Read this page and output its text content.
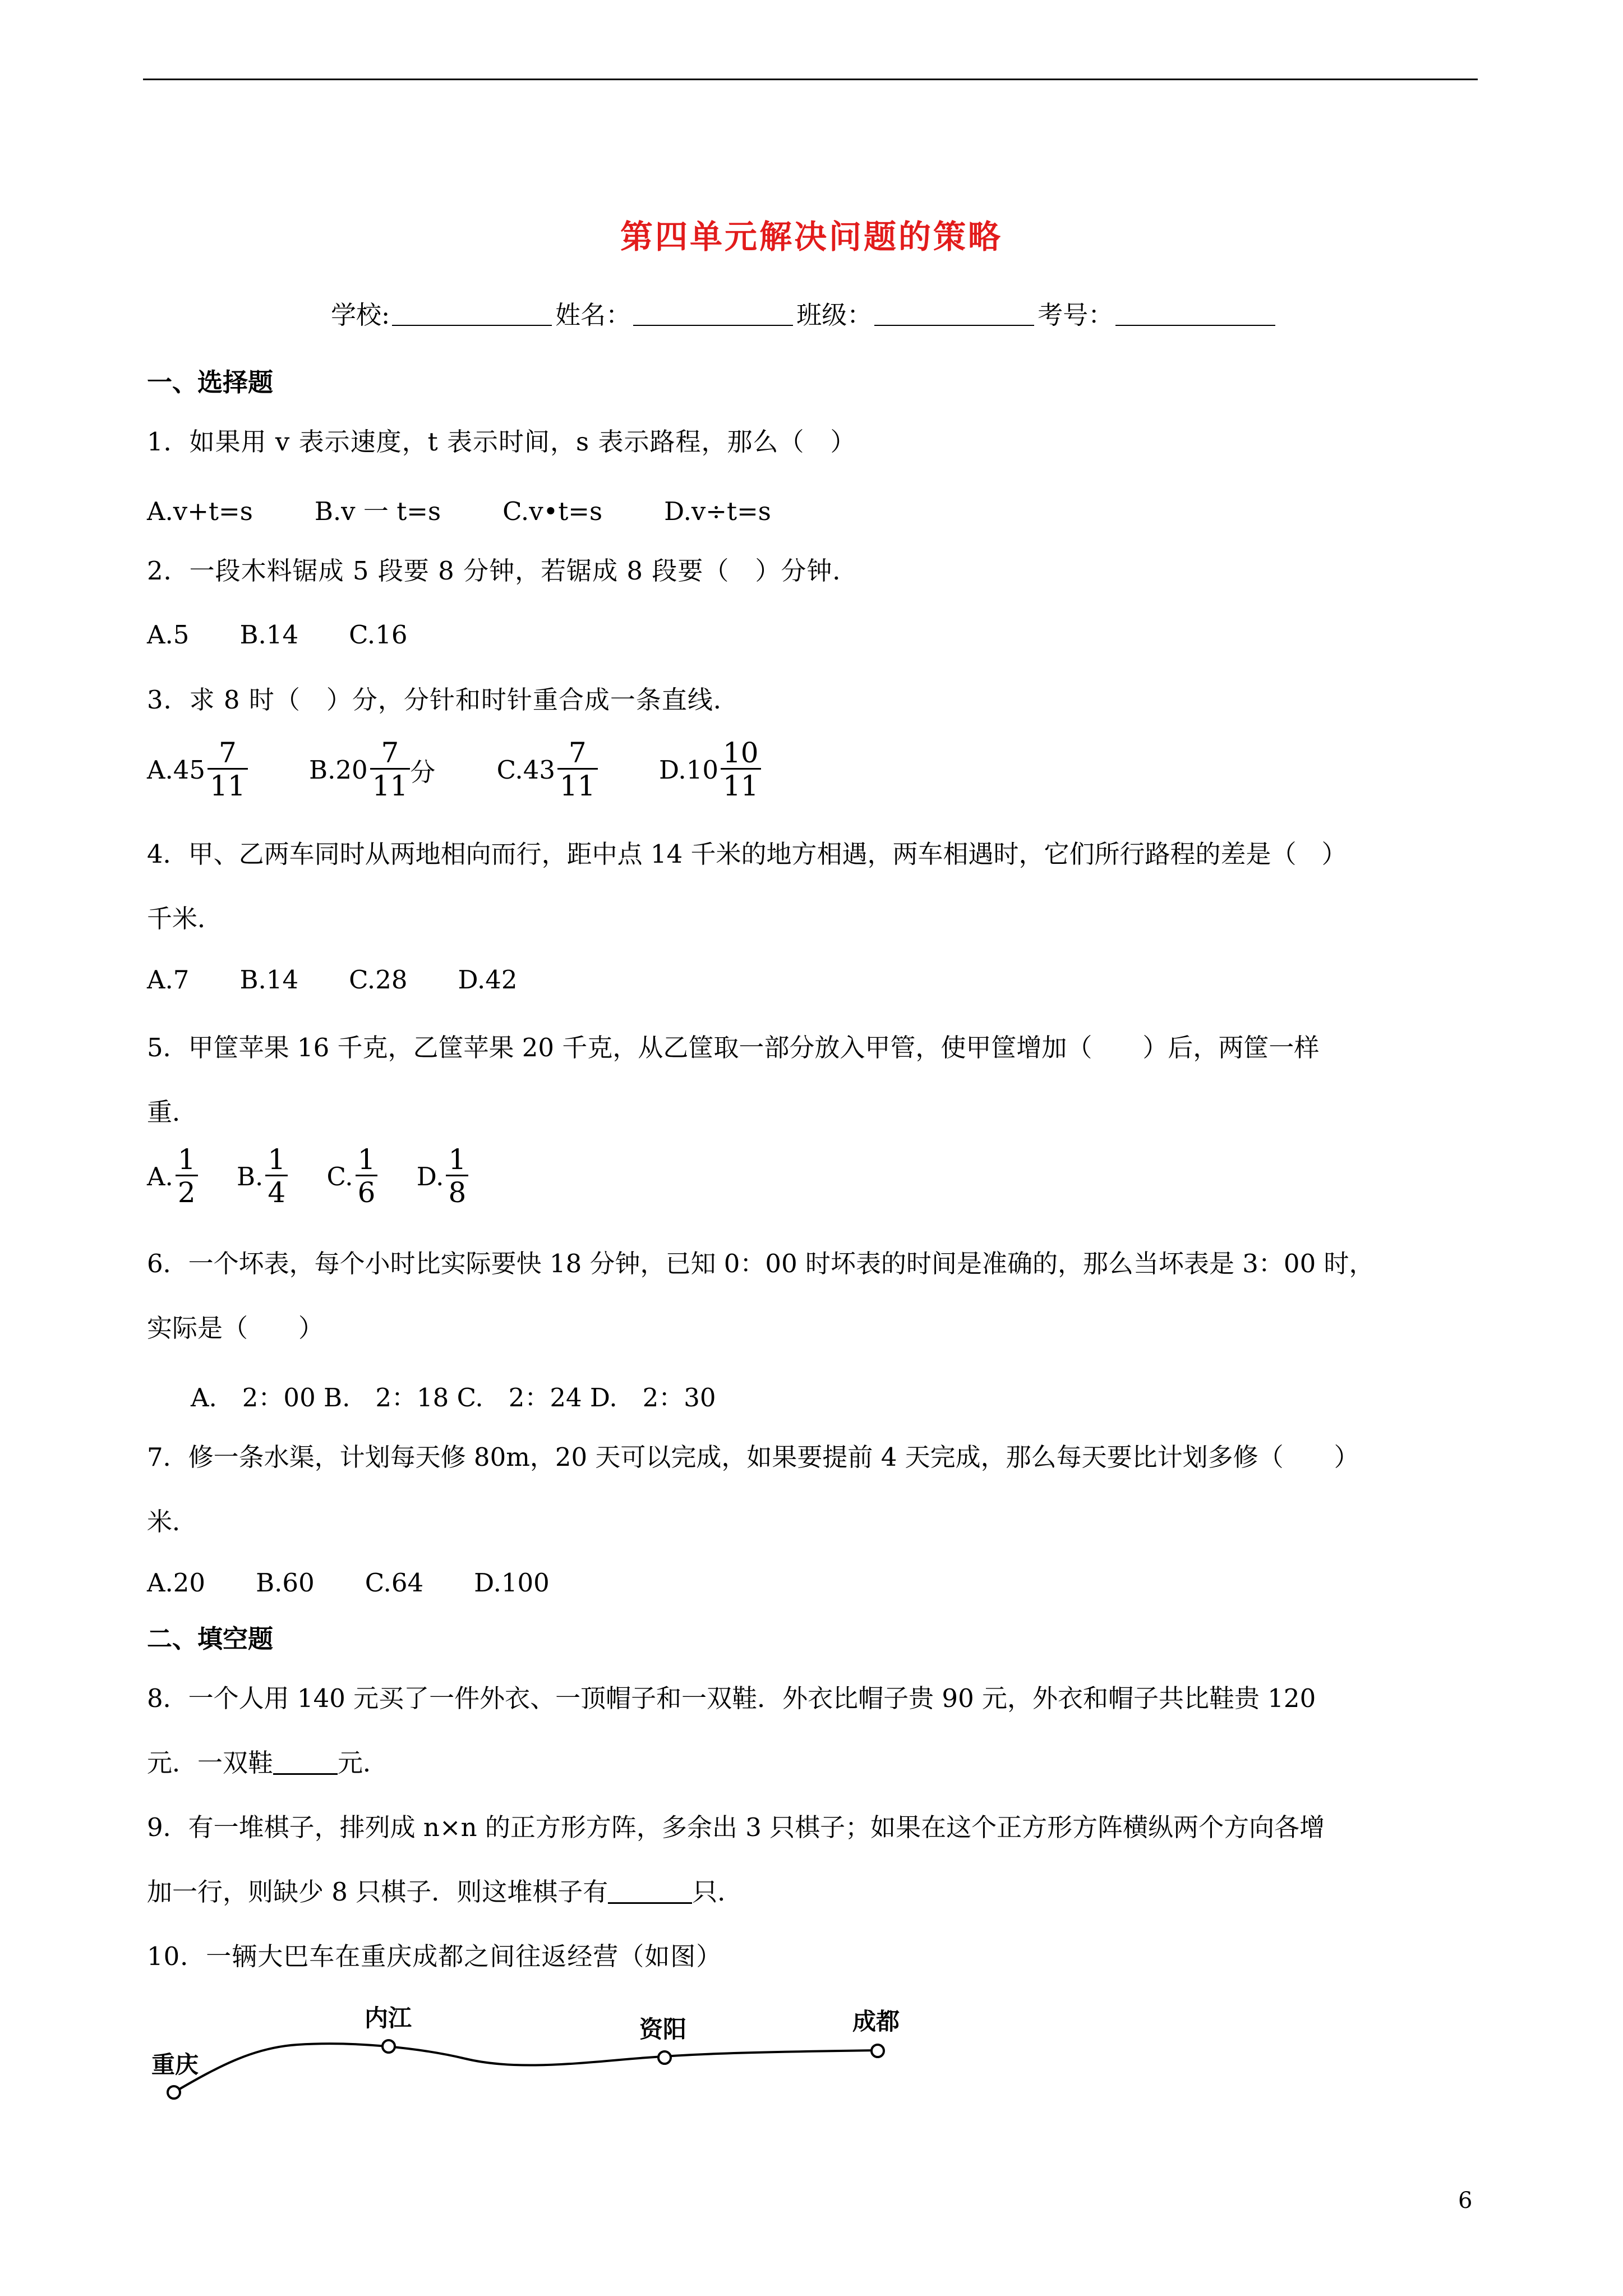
第四单元解决问题的策略
学校:	姓名：	班级：	考号：
一、选择题
1．如果用 v 表示速度，t 表示时间，s 表示路程，那么（　）
A.v+t=s B.v 一 t=s C.v•t=s D.v÷t=s
2．一段木料锯成 5 段要 8 分钟，若锯成 8 段要（　）分钟．
A.5 B.14 C.16
3．求 8 时（　）分，分针和时针重合成一条直线．
$A.45 \frac{7}{11}$
$B.20 \frac{7}{11}$ 分
$C.43 \frac{7}{11}$
$D.10 \frac{10}{11}$
4．甲、乙两车同时从两地相向而行，距中点 14 千米的地方相遇，两车相遇时，它们所行路程的差是（　）
千米．
A.7 B.14 C.28 D.42
5．甲筐苹果 16 千克，乙筐苹果 20 千克，从乙筐取一部分放入甲管，使甲筐增加（　　）后，两筐一样
重．
A. $\frac{1}{2}$
B. $\frac{1}{4}$
C. $\frac{1}{6}$
D. $\frac{1}{8}$
6．一个坏表，每个小时比实际要快 18 分钟，已知 0：00 时坏表的时间是准确的，那么当坏表是 3：00 时，
实际是（　　）
A.　2：00 B.　2：18 C.　2：24 D.　2：30
7．修一条水渠，计划每天修 80m，20 天可以完成，如果要提前 4 天完成，那么每天要比计划多修（　　）
米．
A.20 B.60 C.64 D.100
二、填空题
8．一个人用 140 元买了一件外衣、一顶帽子和一双鞋．外衣比帽子贵 90 元，外衣和帽子共比鞋贵 120
元．一双鞋	元．
9．有一堆棋子，排列成 n×n 的正方形方阵，多余出 3 只棋子；如果在这个正方形方阵横纵两个方向各增
加一行，则缺少 8 只棋子．则这堆棋子有	只．
10．一辆大巴车在重庆成都之间往返经营（如图）
重庆
内江	资阳	成都
6
